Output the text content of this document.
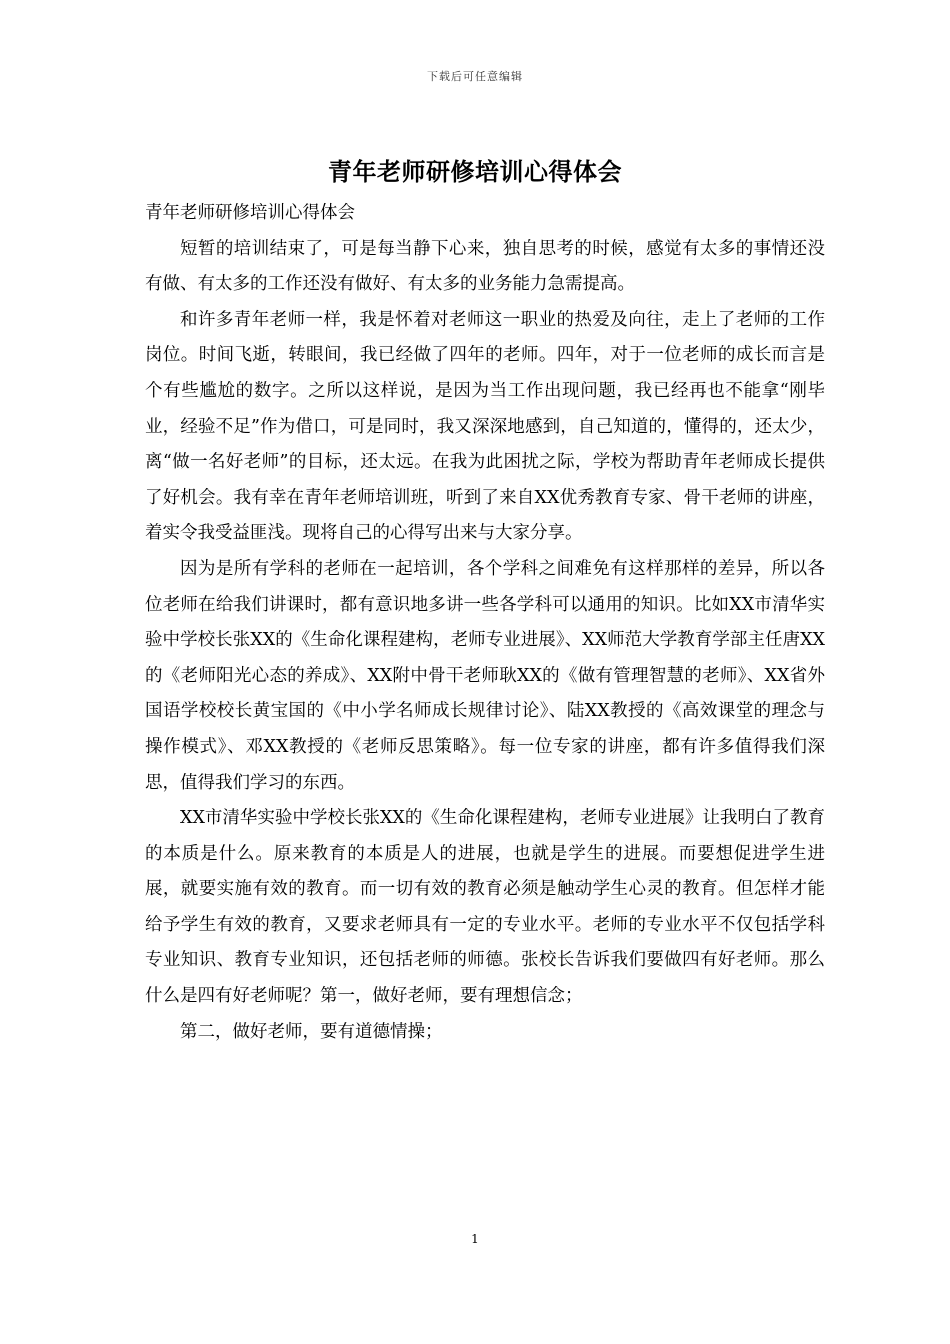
下载后可任意编辑
青年老师研修培训心得体会

青年老师研修培训心得体会

短暂的培训结束了，可是每当静下心来，独自思考的时候，感觉有太多的事情还没有做、有太多的工作还没有做好、有太多的业务能力急需提高。

和许多青年老师一样，我是怀着对老师这一职业的热爱及向往，走上了老师的工作岗位。时间飞逝，转眼间，我已经做了四年的老师。四年，对于一位老师的成长而言是个有些尴尬的数字。之所以这样说，是因为当工作出现问题，我已经再也不能拿“刚毕业，经验不足”作为借口，可是同时，我又深深地感到，自己知道的，懂得的，还太少，离“做一名好老师”的目标，还太远。在我为此困扰之际，学校为帮助青年老师成长提供了好机会。我有幸在青年老师培训班，听到了来自XX优秀教育专家、骨干老师的讲座，着实令我受益匪浅。现将自己的心得写出来与大家分享。

因为是所有学科的老师在一起培训，各个学科之间难免有这样那样的差异，所以各位老师在给我们讲课时，都有意识地多讲一些各学科可以通用的知识。比如XX市清华实验中学校长张XX的《生命化课程建构，老师专业进展》、XX师范大学教育学部主任唐XX的《老师阳光心态的养成》、XX附中骨干老师耿XX的《做有管理智慧的老师》、XX省外国语学校校长黄宝国的《中小学名师成长规律讨论》、陆XX教授的《高效课堂的理念与操作模式》、邓XX教授的《老师反思策略》。每一位专家的讲座，都有许多值得我们深思，值得我们学习的东西。

XX市清华实验中学校长张XX的《生命化课程建构，老师专业进展》让我明白了教育的本质是什么。原来教育的本质是人的进展，也就是学生的进展。而要想促进学生进展，就要实施有效的教育。而一切有效的教育必须是触动学生心灵的教育。但怎样才能给予学生有效的教育，又要求老师具有一定的专业水平。老师的专业水平不仅包括学科专业知识、教育专业知识，还包括老师的师德。张校长告诉我们要做四有好老师。那么什么是四有好老师呢？第一，做好老师，要有理想信念；

第二，做好老师，要有道德情操；

1
